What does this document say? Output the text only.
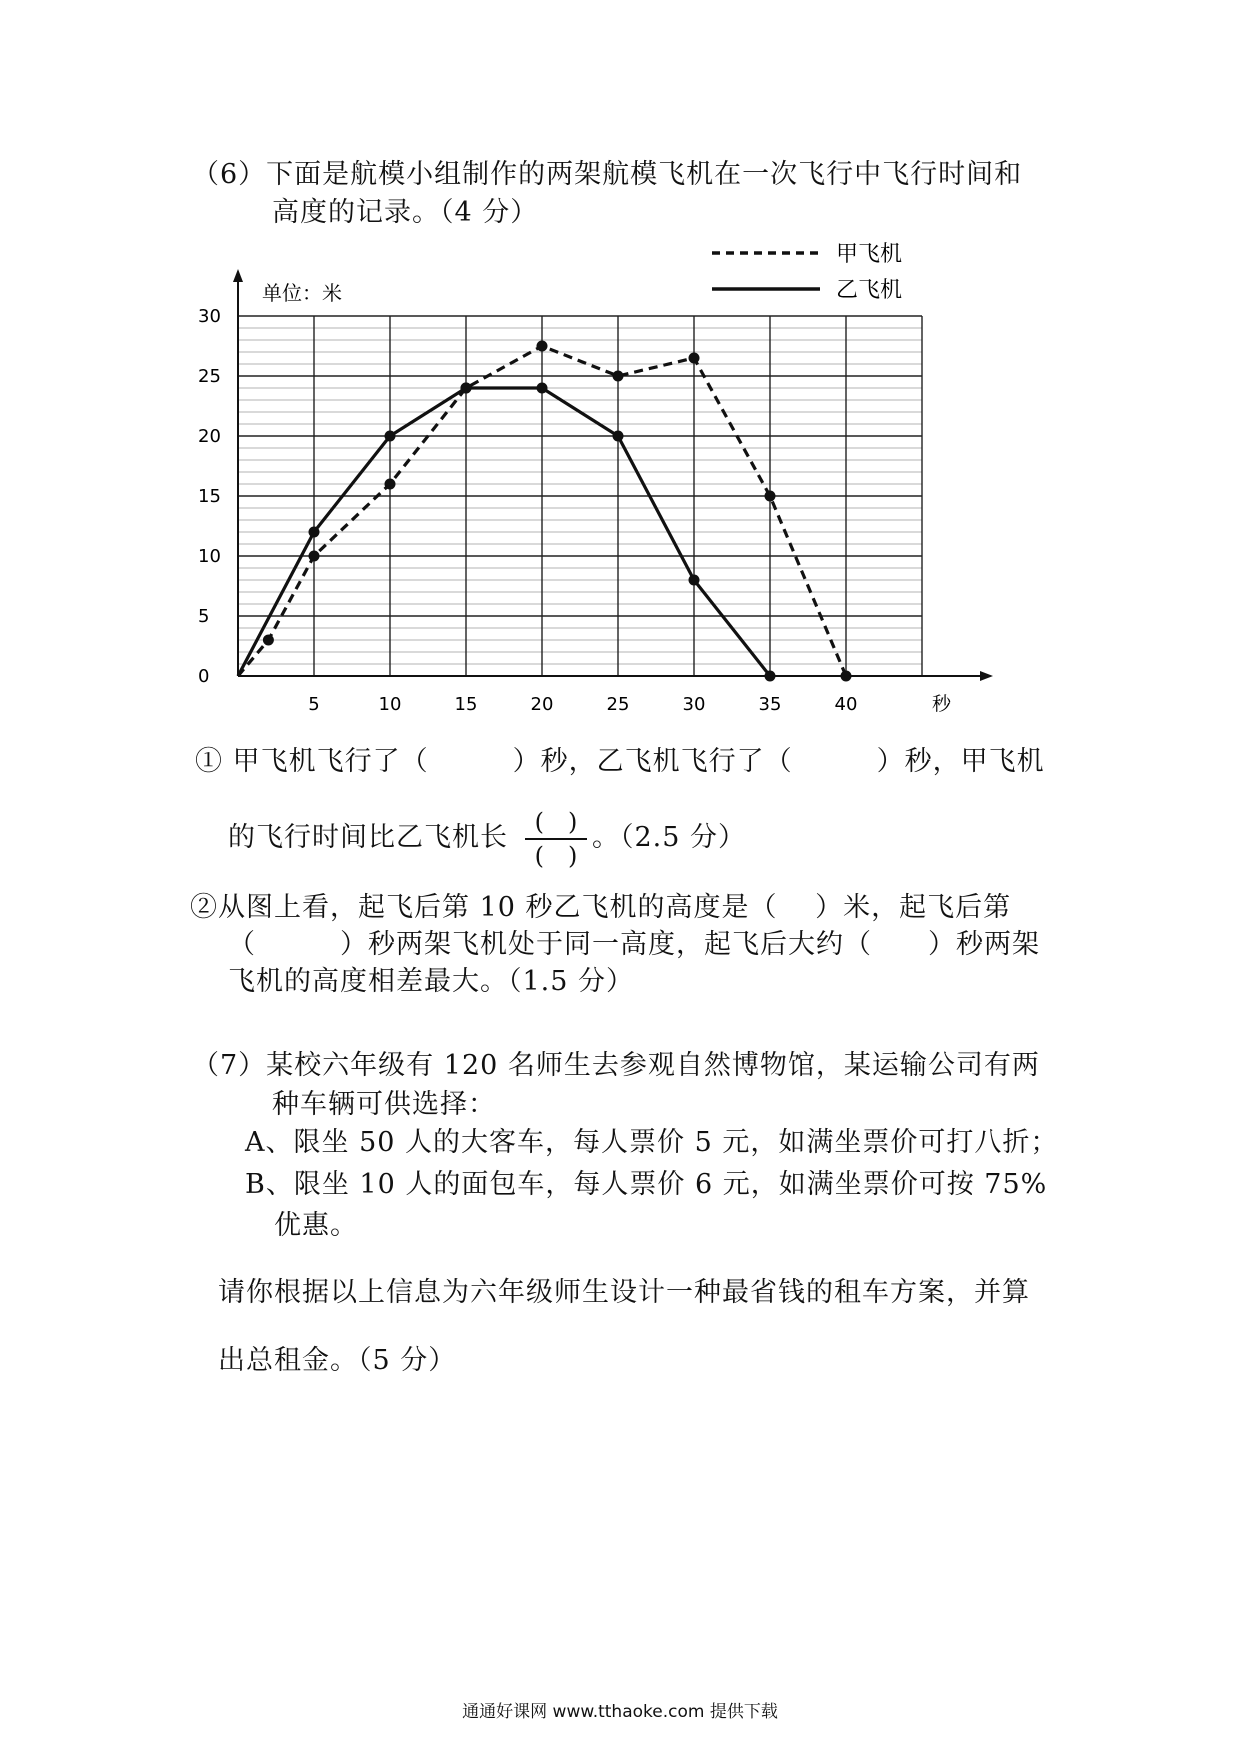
（6）下面是航模小组制作的两架航模飞机在一次飞行中飞行时间和
高度的记录。（4 分）
甲飞机
乙飞机
0
5
10
15
20
25
30
5	10	15	20	25	30	35	40
单位：米
秒
① 甲飞机飞行了（　　　）秒，乙飞机飞行了（　　　）秒，甲飞机
的飞行时间比乙飞机长	(　)
(　)
。（2.5 分）
②从图上看，起飞后第 10 秒乙飞机的高度是（　 ）米，起飞后第
（　　　）秒两架飞机处于同一高度，起飞后大约（　　）秒两架
飞机的高度相差最大。（1.5 分）
（7）某校六年级有 120 名师生去参观自然博物馆，某运输公司有两
种车辆可供选择：
A、限坐 50 人的大客车，每人票价 5 元，如满坐票价可打八折；
B、限坐 10 人的面包车，每人票价 6 元，如满坐票价可按 75%
优惠。
请你根据以上信息为六年级师生设计一种最省钱的租车方案，并算
出总租金。（5 分）
通通好课网 www.tthaoke.com 提供下载
